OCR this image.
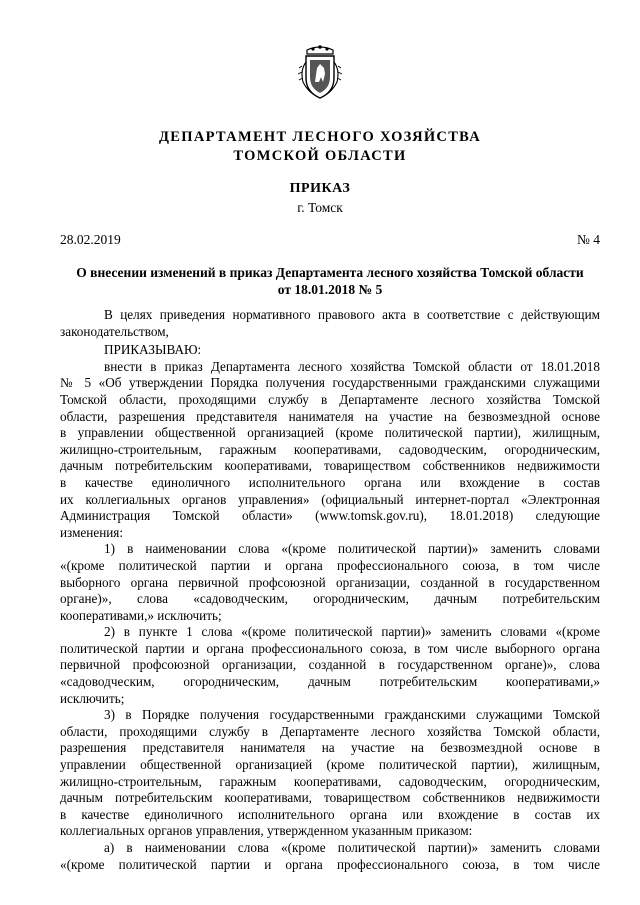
ДЕПАРТАМЕНТ ЛЕСНОГО ХОЗЯЙСТВА
ТОМСКОЙ ОБЛАСТИ
ПРИКАЗ
г. Томск
28.02.2019	№ 4
О внесении изменений в приказ Департамента лесного хозяйства Томской области
от 18.01.2018 № 5
В целях приведения нормативного правового акта в соответствие с действующим
законодательством,
ПРИКАЗЫВАЮ:
внести в приказ Департамента лесного хозяйства Томской области от 18.01.2018
№ 5 «Об утверждении Порядка получения государственными гражданскими служащими
Томской области, проходящими службу в Департаменте лесного хозяйства Томской
области, разрешения представителя нанимателя на участие на безвозмездной основе
в управлении общественной организацией (кроме политической партии), жилищным,
жилищно-строительным, гаражным кооперативами, садоводческим, огородническим,
дачным потребительским кооперативами, товариществом собственников недвижимости
в качестве единоличного исполнительного органа или вхождение в состав
их коллегиальных органов управления» (официальный интернет-портал «Электронная
Администрация Томской области» (www.tomsk.gov.ru), 18.01.2018) следующие
изменения:
1) в наименовании слова «(кроме политической партии)» заменить словами
«(кроме политической партии и органа профессионального союза, в том числе
выборного органа первичной профсоюзной организации, созданной в государственном
органе)», слова «садоводческим, огородническим, дачным потребительским
кооперативами,» исключить;
2) в пункте 1 слова «(кроме политической партии)» заменить словами «(кроме
политической партии и органа профессионального союза, в том числе выборного органа
первичной профсоюзной организации, созданной в государственном органе)», слова
«садоводческим, огородническим, дачным потребительским кооперативами,»
исключить;
3) в Порядке получения государственными гражданскими служащими Томской
области, проходящими службу в Департаменте лесного хозяйства Томской области,
разрешения представителя нанимателя на участие на безвозмездной основе в
управлении общественной организацией (кроме политической партии), жилищным,
жилищно-строительным, гаражным кооперативами, садоводческим, огородническим,
дачным потребительским кооперативами, товариществом собственников недвижимости
в качестве единоличного исполнительного органа или вхождение в состав их
коллегиальных органов управления, утвержденном указанным приказом:
а) в наименовании слова «(кроме политической партии)» заменить словами
«(кроме политической партии и органа профессионального союза, в том числе
